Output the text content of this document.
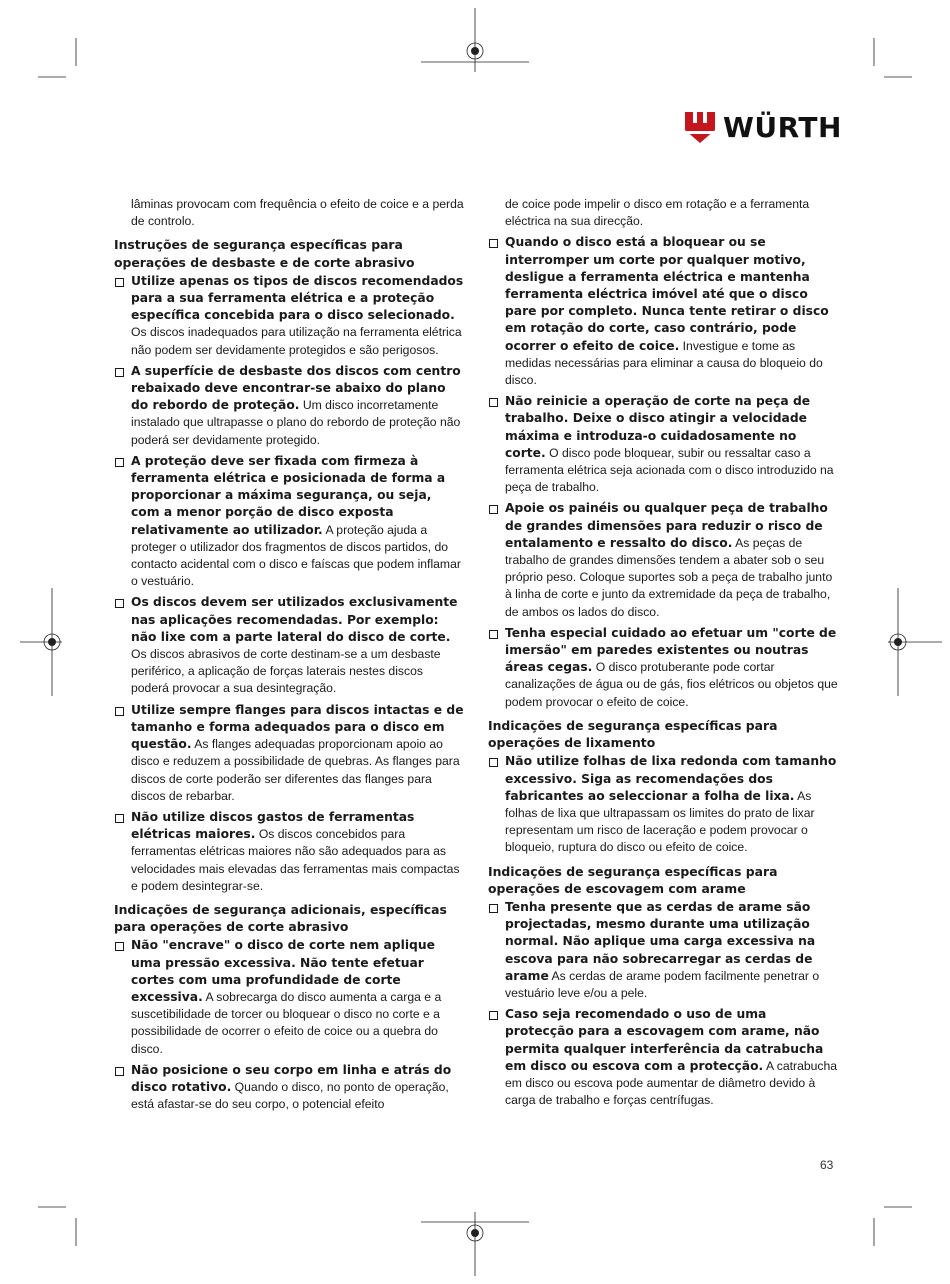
WÜRTH
lâminas provocam com frequência o efeito de coice e a perda de controlo.
Instruções de segurança específicas para operações de desbaste e de corte abrasivo
Utilize apenas os tipos de discos recomendados para a sua ferramenta elétrica e a proteção específica concebida para o disco selecionado. Os discos inadequados para utilização na ferramenta elétrica não podem ser devidamente protegidos e são perigosos.
A superfície de desbaste dos discos com centro rebaixado deve encontrar-se abaixo do plano do rebordo de proteção. Um disco incorretamente instalado que ultrapasse o plano do rebordo de proteção não poderá ser devidamente protegido.
A proteção deve ser fixada com firmeza à ferramenta elétrica e posicionada de forma a proporcionar a máxima segurança, ou seja, com a menor porção de disco exposta relativamente ao utilizador. A proteção ajuda a proteger o utilizador dos fragmentos de discos partidos, do contacto acidental com o disco e faíscas que podem inflamar o vestuário.
Os discos devem ser utilizados exclusivamente nas aplicações recomendadas. Por exemplo: não lixe com a parte lateral do disco de corte. Os discos abrasivos de corte destinam-se a um desbaste periférico, a aplicação de forças laterais nestes discos poderá provocar a sua desintegração.
Utilize sempre flanges para discos intactas e de tamanho e forma adequados para o disco em questão. As flanges adequadas proporcionam apoio ao disco e reduzem a possibilidade de quebras. As flanges para discos de corte poderão ser diferentes das flanges para discos de rebarbar.
Não utilize discos gastos de ferramentas elétricas maiores. Os discos concebidos para ferramentas elétricas maiores não são adequados para as velocidades mais elevadas das ferramentas mais compactas e podem desintegrar-se.
Indicações de segurança adicionais, específicas para operações de corte abrasivo
Não "encrave" o disco de corte nem aplique uma pressão excessiva. Não tente efetuar cortes com uma profundidade de corte excessiva. A sobrecarga do disco aumenta a carga e a suscetibilidade de torcer ou bloquear o disco no corte e a possibilidade de ocorrer o efeito de coice ou a quebra do disco.
Não posicione o seu corpo em linha e atrás do disco rotativo. Quando o disco, no ponto de operação, está afastar-se do seu corpo, o potencial efeito
de coice pode impelir o disco em rotação e a ferramenta eléctrica na sua direcção.
Quando o disco está a bloquear ou se interromper um corte por qualquer motivo, desligue a ferramenta eléctrica e mantenha ferramenta eléctrica imóvel até que o disco pare por completo. Nunca tente retirar o disco em rotação do corte, caso contrário, pode ocorrer o efeito de coice. Investigue e tome as medidas necessárias para eliminar a causa do bloqueio do disco.
Não reinicie a operação de corte na peça de trabalho. Deixe o disco atingir a velocidade máxima e introduza-o cuidadosamente no corte. O disco pode bloquear, subir ou ressaltar caso a ferramenta elétrica seja acionada com o disco introduzido na peça de trabalho.
Apoie os painéis ou qualquer peça de trabalho de grandes dimensões para reduzir o risco de entalamento e ressalto do disco. As peças de trabalho de grandes dimensões tendem a abater sob o seu próprio peso. Coloque suportes sob a peça de trabalho junto à linha de corte e junto da extremidade da peça de trabalho, de ambos os lados do disco.
Tenha especial cuidado ao efetuar um "corte de imersão" em paredes existentes ou noutras áreas cegas. O disco protuberante pode cortar canalizações de água ou de gás, fios elétricos ou objetos que podem provocar o efeito de coice.
Indicações de segurança específicas para operações de lixamento
Não utilize folhas de lixa redonda com tamanho excessivo. Siga as recomendações dos fabricantes ao seleccionar a folha de lixa. As folhas de lixa que ultrapassam os limites do prato de lixar representam um risco de laceração e podem provocar o bloqueio, ruptura do disco ou efeito de coice.
Indicações de segurança específicas para operações de escovagem com arame
Tenha presente que as cerdas de arame são projectadas, mesmo durante uma utilização normal. Não aplique uma carga excessiva na escova para não sobrecarregar as cerdas de arame As cerdas de arame podem facilmente penetrar o vestuário leve e/ou a pele.
Caso seja recomendado o uso de uma protecção para a escovagem com arame, não permita qualquer interferência da catrabucha em disco ou escova com a protecção. A catrabucha em disco ou escova pode aumentar de diâmetro devido à carga de trabalho e forças centrífugas.
63
